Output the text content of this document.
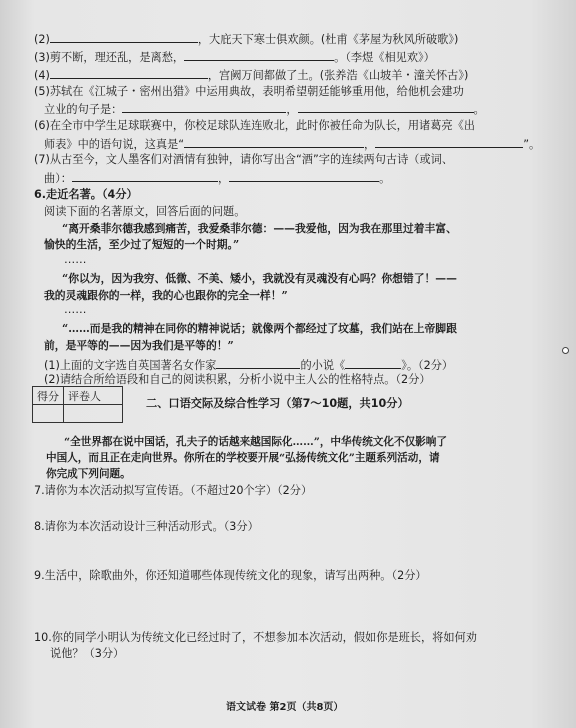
(2)	，大庇天下寒士俱欢颜。(杜甫《茅屋为秋风所破歌》)
(3)剪不断，理还乱，是离愁，	。（李煜《相见欢》）
(4)	，宫阙万间都做了土。(张养浩《山坡羊・潼关怀古》)
(5)苏轼在《江城子・密州出猎》中运用典故，表明希望朝廷能够重用他，给他机会建功
立业的句子是：	，	。
(6)在全市中学生足球联赛中，你校足球队连连败北，此时你被任命为队长，用诸葛亮《出
师表》中的语句说，这真是“	，	”。
(7)从古至今，文人墨客们对酒情有独钟，请你写出含“酒”字的连续两句古诗（或词、
曲）：	，	。
6.走近名著。（4分）
阅读下面的名著原文，回答后面的问题。
“离开桑菲尔德我感到痛苦，我爱桑菲尔德：——我爱他，因为我在那里过着丰富、
愉快的生活，至少过了短短的一个时期。”
……
“你以为，因为我穷、低微、不美、矮小，我就没有灵魂没有心吗？你想错了！——
我的灵魂跟你的一样，我的心也跟你的完全一样！”
……
“……而是我的精神在同你的精神说话；就像两个都经过了坟墓，我们站在上帝脚跟
前，是平等的——因为我们是平等的！”
(1)上面的文字选自英国著名女作家	的小说《	》。（2分）
(2)请结合所给语段和自己的阅读积累，分析小说中主人公的性格特点。（2分）
得分	评卷人

二、口语交际及综合性学习（第7～10题，共10分）
“全世界都在说中国话，孔夫子的话越来越国际化……”，中华传统文化不仅影响了
中国人，而且正在走向世界。你所在的学校要开展“弘扬传统文化”主题系列活动，请
你完成下列问题。
7.请你为本次活动拟写宣传语。（不超过20个字）（2分）
8.请你为本次活动设计三种活动形式。（3分）
9.生活中，除歌曲外，你还知道哪些体现传统文化的现象，请写出两种。（2分）
10.你的同学小明认为传统文化已经过时了，不想参加本次活动，假如你是班长，将如何劝
说他？（3分）
语文试卷 第2页（共8页）
